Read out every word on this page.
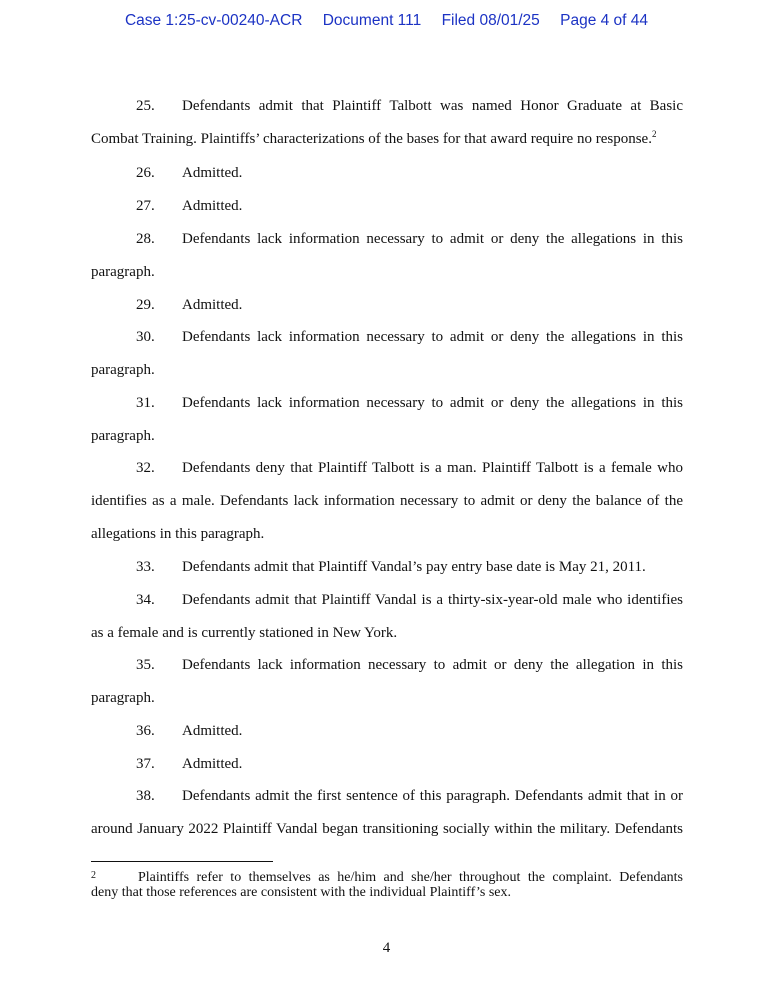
Case 1:25-cv-00240-ACR Document 111 Filed 08/01/25 Page 4 of 44
25. Defendants admit that Plaintiff Talbott was named Honor Graduate at Basic
Combat Training. Plaintiffs’ characterizations of the bases for that award require no response.$^2$
26. Admitted.
27. Admitted.
28. Defendants lack information necessary to admit or deny the allegations in this
paragraph.
29. Admitted.
30. Defendants lack information necessary to admit or deny the allegations in this
paragraph.
31. Defendants lack information necessary to admit or deny the allegations in this
paragraph.
32. Defendants deny that Plaintiff Talbott is a man. Plaintiff Talbott is a female who
identifies as a male. Defendants lack information necessary to admit or deny the balance of the
allegations in this paragraph.
33. Defendants admit that Plaintiff Vandal’s pay entry base date is May 21, 2011.
34. Defendants admit that Plaintiff Vandal is a thirty-six-year-old male who identifies
as a female and is currently stationed in New York.
35. Defendants lack information necessary to admit or deny the allegation in this
paragraph.
36. Admitted.
37. Admitted.
38. Defendants admit the first sentence of this paragraph. Defendants admit that in or
around January 2022 Plaintiff Vandal began transitioning socially within the military. Defendants
2	Plaintiffs refer to themselves as he/him and she/her throughout the complaint. Defendants
deny that those references are consistent with the individual Plaintiff’s sex.
4
